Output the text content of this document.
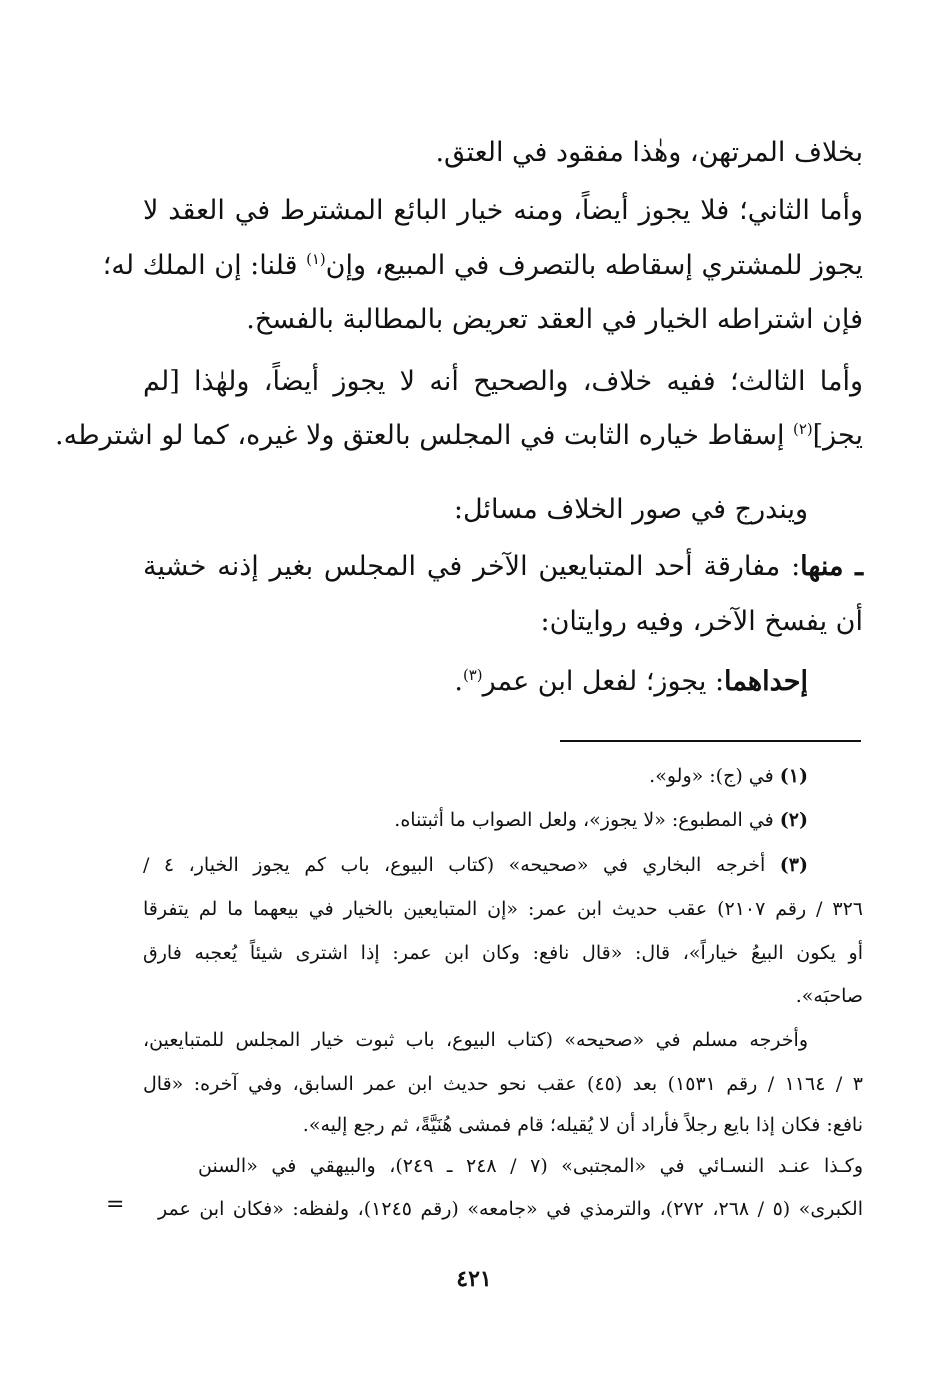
بخلاف المرتهن، وهٰذا مفقود في العتق.
وأما الثاني؛ فلا يجوز أيضاً، ومنه خيار البائع المشترط في العقد لا
يجوز للمشتري إسقاطه بالتصرف في المبيع، وإن$^{(١)}$ قلنا: إن الملك له؛
فإن اشتراطه الخيار في العقد تعريض بالمطالبة بالفسخ.
وأما الثالث؛ ففيه خلاف، والصحيح أنه لا يجوز أيضاً، ولهٰذا [لم
يجز]$^{(٢)}$ إسقاط خياره الثابت في المجلس بالعتق ولا غيره، كما لو اشترطه.
ويندرج في صور الخلاف مسائل:
ـ منها: مفارقة أحد المتبايعين الآخر في المجلس بغير إذنه خشية
أن يفسخ الآخر، وفيه روايتان:
إحداهما: يجوز؛ لفعل ابن عمر$^{(٣)}$.
(١) في (ج): «ولو».
(٢) في المطبوع: «لا يجوز»، ولعل الصواب ما أثبتناه.
(٣) أخرجه البخاري في «صحيحه» (كتاب البيوع، باب كم يجوز الخيار، ٤ /
٣٢٦ / رقم ٢١٠٧) عقب حديث ابن عمر: «إن المتبايعين بالخيار في بيعهما ما لم يتفرقا
أو يكون البيعُ خياراً»، قال: «قال نافع: وكان ابن عمر: إذا اشترى شيئاً يُعجبه فارق
صاحبَه».
وأخرجه مسلم في «صحيحه» (كتاب البيوع، باب ثبوت خيار المجلس للمتبايعين،
٣ / ١١٦٤ / رقم ١٥٣١) بعد (٤٥) عقب نحو حديث ابن عمر السابق، وفي آخره: «قال
نافع: فكان إذا بايع رجلاً فأراد أن لا يُقيله؛ قام فمشى هُنَيَّةً، ثم رجع إليه».
وكـذا عنـد النسـائي في «المجتبى» (٧ / ٢٤٨ ـ ٢٤٩)، والبيهقي في «السنن
الكبرى» (٥ / ٢٦٨، ٢٧٢)، والترمذي في «جامعه» (رقم ١٢٤٥)، ولفظه: «فكان ابن عمر
=
٤٢١
